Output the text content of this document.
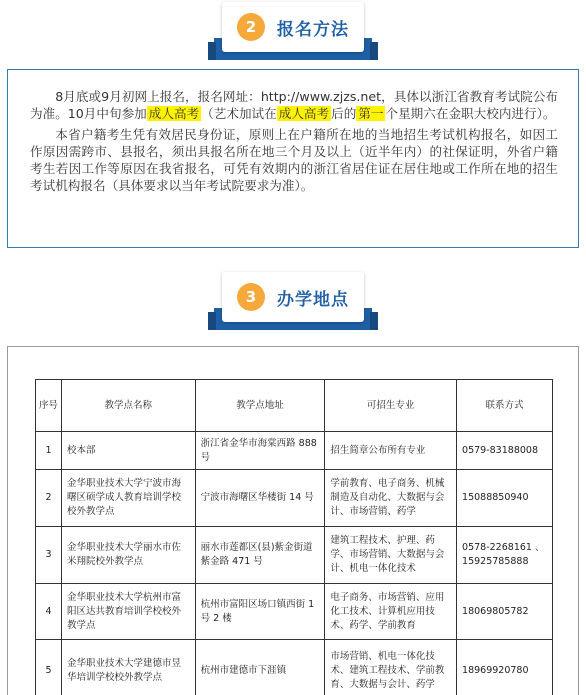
2	报名方法

8月底或9月初网上报名，报名网址：http://www.zjzs.net，具体以浙江省教育考试院公布为准。10月中旬参加 成人高考 （艺术加试在 成人高考 后的 第一 个星期六在金职大校内进行）。

本省户籍考生凭有效居民身份证，原则上在户籍所在地的当地招生考试机构报名，如因工作原因需跨市、县报名，须出具报名所在地三个月及以上（近半年内）的社保证明，外省户籍考生若因工作等原因在我省报名，可凭有效期内的浙江省居住证在居住地或工作所在地的招生考试机构报名（具体要求以当年考试院要求为准）。

3	办学地点
序号	教学点名称	教学点地址	可招生专业	联系方式
1	校本部	浙江省金华市海棠西路 888 号	招生简章公布所有专业	0579-83188008
2	金华职业技术大学宁波市海曙区硕学成人教育培训学校校外教学点	宁波市海曙区华楼街 14 号	学前教育、电子商务、机械制造及自动化、大数据与会计、市场营销、药学	15088850940
3	金华职业技术大学丽水市佐米翔院校外教学点	丽水市莲都区(县)紫金街道紫金路 471 号	建筑工程技术、护理、药学、市场营销、大数据与会计、机电一体化技术	0578-2268161 、15925785888
4	金华职业技术大学杭州市富阳区达共教育培训学校校外教学点	杭州市富阳区场口镇西街 1 号 2 楼	电子商务、市场营销、应用化工技术、计算机应用技术、药学、学前教育	18069805782
5	金华职业技术大学建德市昱华培训学校校外教学点	杭州市建德市下涯镇	市场营销、机电一体化技术、建筑工程技术、学前教育、大数据与会计、药学	18969920780
